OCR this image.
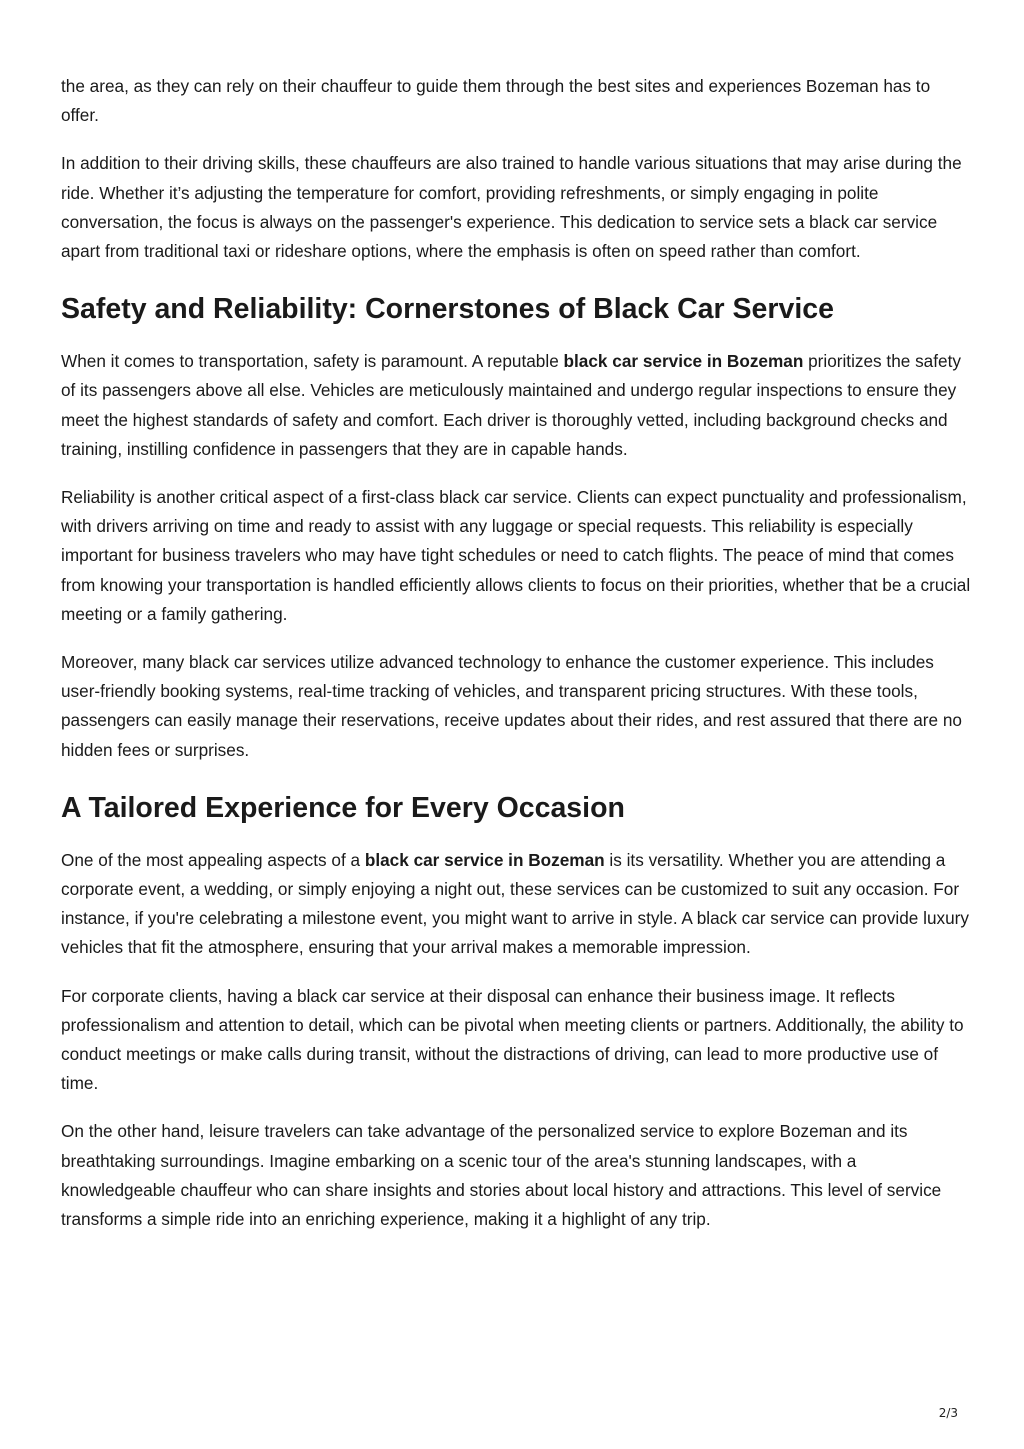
the area, as they can rely on their chauffeur to guide them through the best sites and experiences Bozeman has to offer.

In addition to their driving skills, these chauffeurs are also trained to handle various situations that may arise during the ride. Whether it’s adjusting the temperature for comfort, providing refreshments, or simply engaging in polite conversation, the focus is always on the passenger's experience. This dedication to service sets a black car service apart from traditional taxi or rideshare options, where the emphasis is often on speed rather than comfort.

Safety and Reliability: Cornerstones of Black Car Service

When it comes to transportation, safety is paramount. A reputable black car service in Bozeman prioritizes the safety of its passengers above all else. Vehicles are meticulously maintained and undergo regular inspections to ensure they meet the highest standards of safety and comfort. Each driver is thoroughly vetted, including background checks and training, instilling confidence in passengers that they are in capable hands.

Reliability is another critical aspect of a first-class black car service. Clients can expect punctuality and professionalism, with drivers arriving on time and ready to assist with any luggage or special requests. This reliability is especially important for business travelers who may have tight schedules or need to catch flights. The peace of mind that comes from knowing your transportation is handled efficiently allows clients to focus on their priorities, whether that be a crucial meeting or a family gathering.

Moreover, many black car services utilize advanced technology to enhance the customer experience. This includes user-friendly booking systems, real-time tracking of vehicles, and transparent pricing structures. With these tools, passengers can easily manage their reservations, receive updates about their rides, and rest assured that there are no hidden fees or surprises.

A Tailored Experience for Every Occasion

One of the most appealing aspects of a black car service in Bozeman is its versatility. Whether you are attending a corporate event, a wedding, or simply enjoying a night out, these services can be customized to suit any occasion. For instance, if you're celebrating a milestone event, you might want to arrive in style. A black car service can provide luxury vehicles that fit the atmosphere, ensuring that your arrival makes a memorable impression.

For corporate clients, having a black car service at their disposal can enhance their business image. It reflects professionalism and attention to detail, which can be pivotal when meeting clients or partners. Additionally, the ability to conduct meetings or make calls during transit, without the distractions of driving, can lead to more productive use of time.

On the other hand, leisure travelers can take advantage of the personalized service to explore Bozeman and its breathtaking surroundings. Imagine embarking on a scenic tour of the area's stunning landscapes, with a knowledgeable chauffeur who can share insights and stories about local history and attractions. This level of service transforms a simple ride into an enriching experience, making it a highlight of any trip.

2/3
